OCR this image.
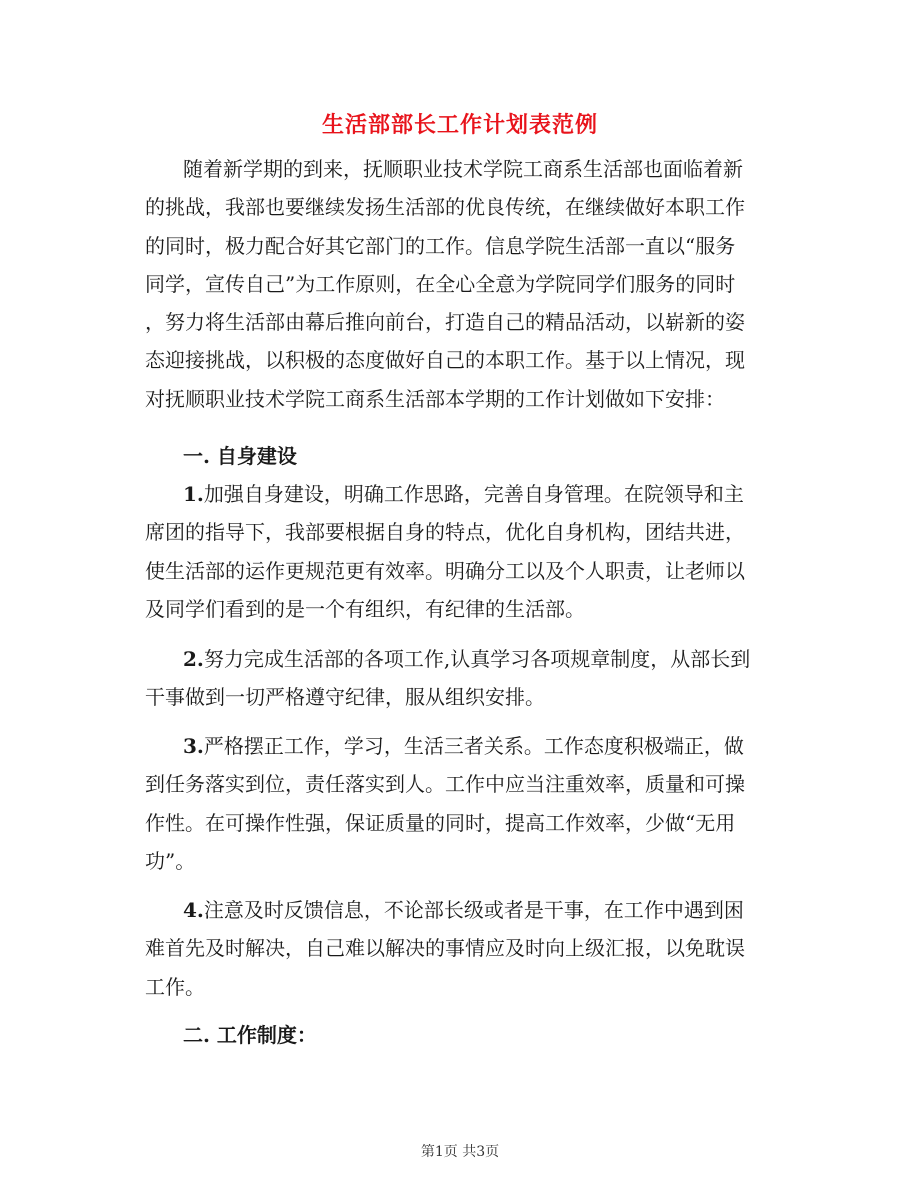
生活部部长工作计划表范例
随着新学期的到来，抚顺职业技术学院工商系生活部也面临着新
的挑战，我部也要继续发扬生活部的优良传统，在继续做好本职工作
的同时，极力配合好其它部门的工作。信息学院生活部一直以“服务
同学，宣传自己”为工作原则，在全心全意为学院同学们服务的同时
，努力将生活部由幕后推向前台，打造自己的精品活动，以崭新的姿
态迎接挑战，以积极的态度做好自己的本职工作。基于以上情况，现
对抚顺职业技术学院工商系生活部本学期的工作计划做如下安排：
一. 自身建设
1.加强自身建设，明确工作思路，完善自身管理。在院领导和主
席团的指导下，我部要根据自身的特点，优化自身机构，团结共进，
使生活部的运作更规范更有效率。明确分工以及个人职责，让老师以
及同学们看到的是一个有组织，有纪律的生活部。
2.努力完成生活部的各项工作,认真学习各项规章制度，从部长到
干事做到一切严格遵守纪律，服从组织安排。
3.严格摆正工作，学习，生活三者关系。工作态度积极端正，做
到任务落实到位，责任落实到人。工作中应当注重效率，质量和可操
作性。在可操作性强，保证质量的同时，提高工作效率，少做“无用
功”。
4.注意及时反馈信息，不论部长级或者是干事，在工作中遇到困
难首先及时解决，自己难以解决的事情应及时向上级汇报，以免耽误
工作。
二. 工作制度：
第1页 共3页
